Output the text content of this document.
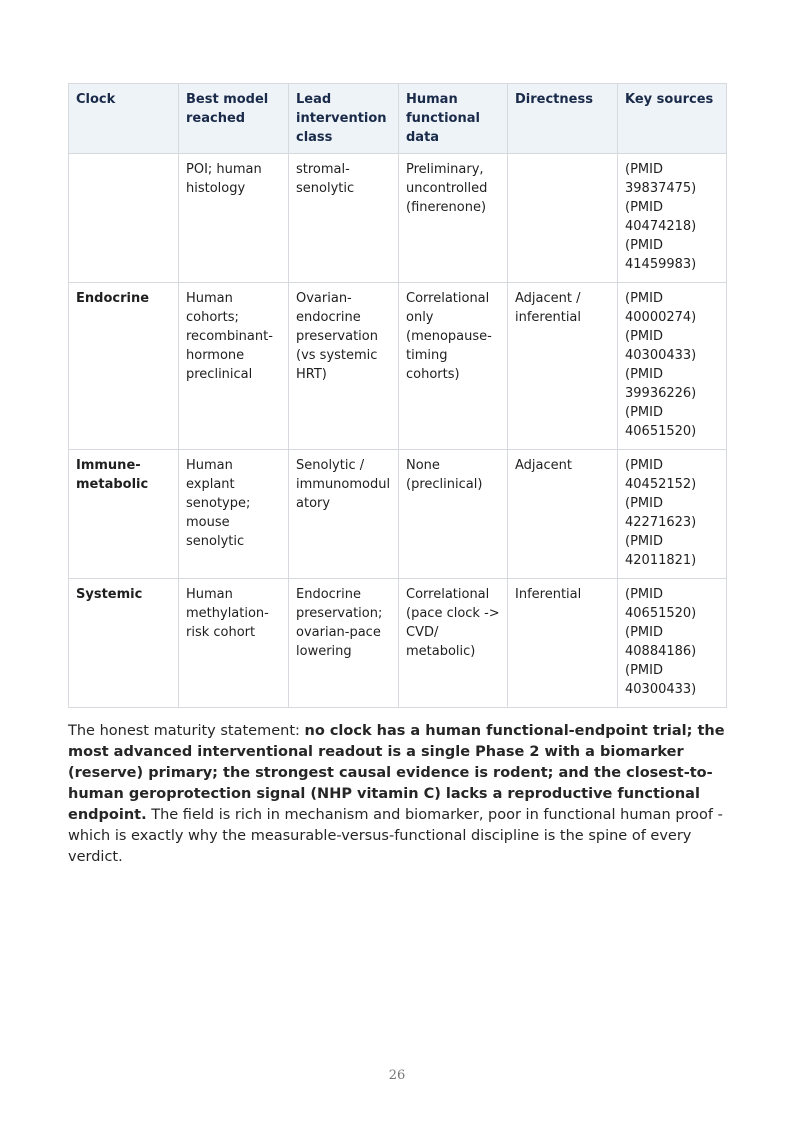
Clock	Best model reached	Lead intervention class	Human functional data	Directness	Key sources
	POI; human histology	stromal-senolytic	Preliminary, uncontrolled (finerenone)		(PMID 39837475)
(PMID 40474218)
(PMID 41459983)

Endocrine	Human cohorts; recombinant-hormone preclinical	Ovarian-endocrine preservation (vs systemic HRT)	Correlational only (menopause-timing cohorts)	Adjacent / inferential	(PMID 40000274)
(PMID 40300433)
(PMID 39936226)
(PMID 40651520)

Immune-metabolic	Human explant senotype; mouse senolytic	Senolytic / immunomodulatory	None (preclinical)	Adjacent	(PMID 40452152)
(PMID 42271623)
(PMID 42011821)

Systemic	Human methylation-risk cohort	Endocrine preservation; ovarian-pace lowering	Correlational (pace clock -> CVD/ metabolic)	Inferential	(PMID 40651520)
(PMID 40884186)
(PMID 40300433)

The honest maturity statement: no clock has a human functional-endpoint trial; the most advanced interventional readout is a single Phase 2 with a biomarker (reserve) primary; the strongest causal evidence is rodent; and the closest-to-human geroprotection signal (NHP vitamin C) lacks a reproductive functional endpoint. The field is rich in mechanism and biomarker, poor in functional human proof - which is exactly why the measurable-versus-functional discipline is the spine of every verdict.

26
